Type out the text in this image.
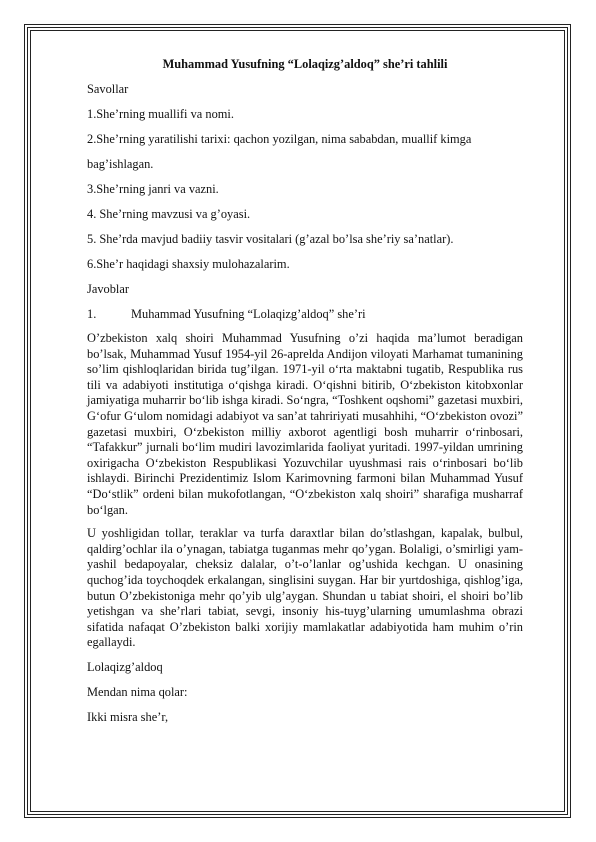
Muhammad Yusufning “Lolaqizg’aldoq” she’ri tahlili
Savollar
1.She’rning muallifi va nomi.
2.She’rning yaratilishi tarixi: qachon yozilgan, nima sababdan, muallif kimga
bag’ishlagan.
3.She’rning janri va vazni.
4. She’rning mavzusi va g’oyasi.
5. She’rda mavjud badiiy tasvir vositalari (g’azal bo’lsa she’riy sa’natlar).
6.She’r haqidagi shaxsiy mulohazalarim.
Javoblar
1.	Muhammad Yusufning “Lolaqizg’aldoq” she’ri

O’zbekiston xalq shoiri Muhammad Yusufning o’zi haqida ma’lumot beradigan bo’lsak, Muhammad Yusuf 1954-yil 26-aprelda Andijon viloyati Marhamat tumanining so’lim qishloqlaridan birida tug’ilgan. 1971-yil o‘rta maktabni tugatib, Respublika rus tili va adabiyoti institutiga o‘qishga kiradi. O‘qishni bitirib, O‘zbekiston kitobxonlar jamiyatiga muharrir bo‘lib ishga kiradi. So‘ngra, “Toshkent oqshomi” gazetasi muxbiri, G‘ofur G‘ulom nomidagi adabiyot va san’at tahririyati musahhihi, “O‘zbekiston ovozi” gazetasi muxbiri, O‘zbekiston milliy axborot agentligi bosh muharrir o‘rinbosari, “Tafakkur” jurnali bo‘lim mudiri lavozimlarida faoliyat yuritadi. 1997-yildan umrining oxirigacha O‘zbekiston Respublikasi Yozuvchilar uyushmasi rais o‘rinbosari bo‘lib ishlaydi. Birinchi Prezidentimiz Islom Karimovning farmoni bilan Muhammad Yusuf “Do‘stlik” ordeni bilan mukofotlangan, “O‘zbekiston xalq shoiri” sharafiga musharraf bo‘lgan.

U yoshligidan tollar, teraklar va turfa daraxtlar bilan do’stlashgan, kapalak, bulbul, qaldirg’ochlar ila o’ynagan, tabiatga tuganmas mehr qo’ygan. Bolaligi, o’smirligi yam-yashil bedapoyalar, cheksiz dalalar, o’t-o’lanlar og’ushida kechgan. U onasining quchog’ida toychoqdek erkalangan, singlisini suygan. Har bir yurtdoshiga, qishlog’iga, butun O’zbekistoniga mehr qo’yib ulg’aygan. Shundan u tabiat shoiri, el shoiri bo’lib yetishgan va she’rlari tabiat, sevgi, insoniy his-tuyg’ularning umumlashma obrazi sifatida nafaqat O’zbekiston balki xorijiy mamlakatlar adabiyotida ham muhim o’rin egallaydi.

Lolaqizg’aldoq
Mendan nima qolar:
Ikki misra she’r,
